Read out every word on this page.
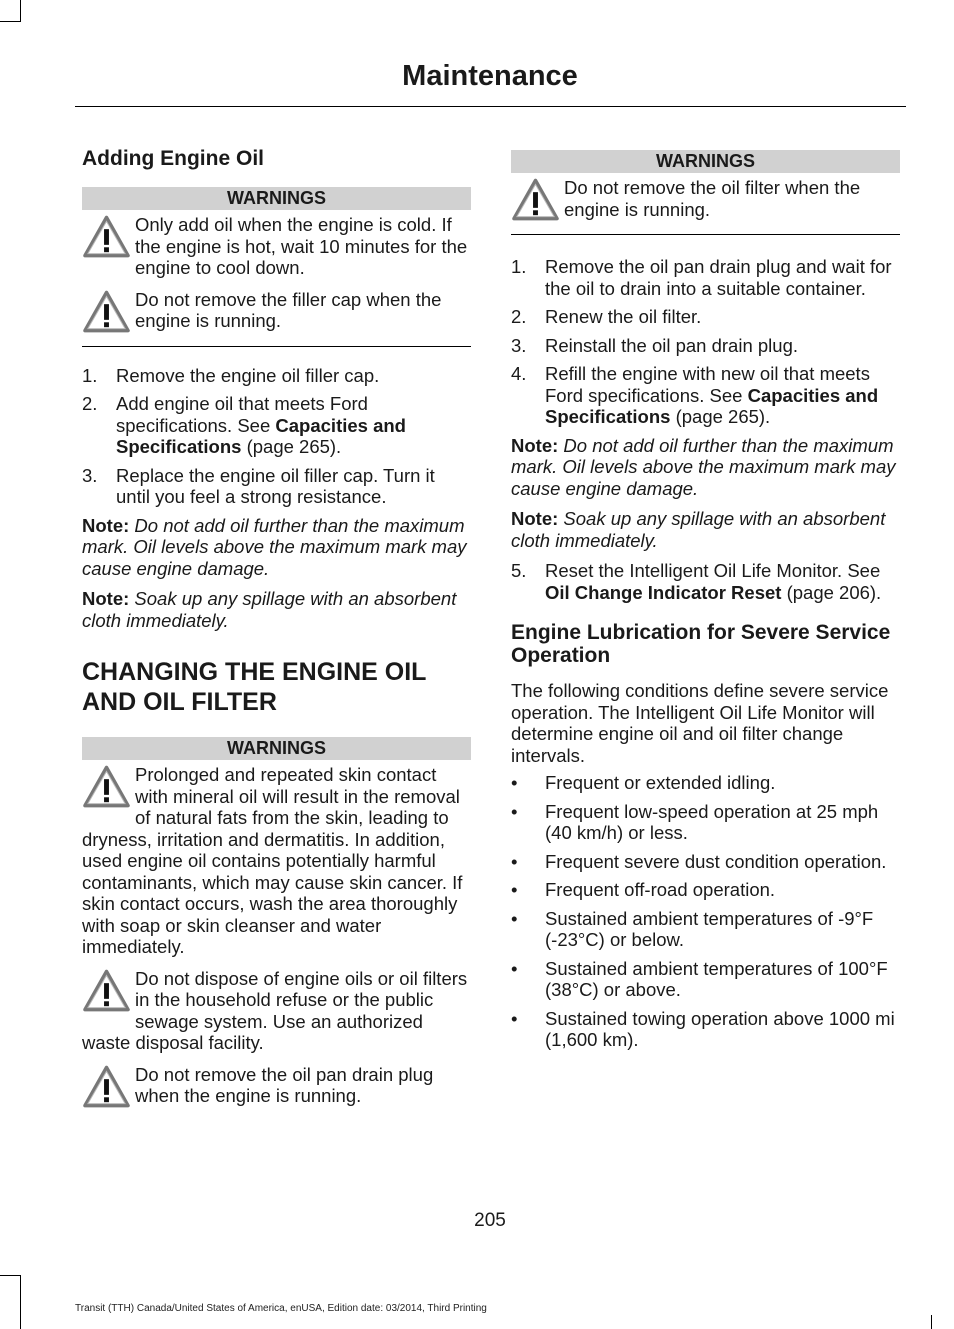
Maintenance
Adding Engine Oil
WARNINGS
Only add oil when the engine is cold. If the engine is hot, wait 10 minutes for the engine to cool down.
Do not remove the filler cap when the engine is running.
1. Remove the engine oil filler cap.
2. Add engine oil that meets Ford specifications. See Capacities and Specifications (page 265).
3. Replace the engine oil filler cap. Turn it until you feel a strong resistance.

Note: Do not add oil further than the maximum mark. Oil levels above the maximum mark may cause engine damage.

Note: Soak up any spillage with an absorbent cloth immediately.

CHANGING THE ENGINE OIL
AND OIL FILTER
WARNINGS
Prolonged and repeated skin contact with mineral oil will result in the removal of natural fats from the skin, leading to dryness, irritation and dermatitis. In addition, used engine oil contains potentially harmful contaminants, which may cause skin cancer. If skin contact occurs, wash the area thoroughly with soap or skin cleanser and water immediately.
Do not dispose of engine oils or oil filters in the household refuse or the public sewage system. Use an authorized waste disposal facility.
Do not remove the oil pan drain plug when the engine is running.
WARNINGS
Do not remove the oil filter when the engine is running.
1. Remove the oil pan drain plug and wait for the oil to drain into a suitable container.
2. Renew the oil filter.
3. Reinstall the oil pan drain plug.
4. Refill the engine with new oil that meets Ford specifications. See Capacities and Specifications (page 265).

Note: Do not add oil further than the maximum mark. Oil levels above the maximum mark may cause engine damage.

Note: Soak up any spillage with an absorbent cloth immediately.

5. Reset the Intelligent Oil Life Monitor. See Oil Change Indicator Reset (page 206).
Engine Lubrication for Severe Service Operation

The following conditions define severe service operation. The Intelligent Oil Life Monitor will determine engine oil and oil filter change intervals.

• Frequent or extended idling.
• Frequent low-speed operation at 25 mph (40 km/h) or less.
• Frequent severe dust condition operation.
• Frequent off-road operation.
• Sustained ambient temperatures of -9°F (-23°C) or below.
• Sustained ambient temperatures of 100°F (38°C) or above.
• Sustained towing operation above 1000 mi (1,600 km).
205
Transit (TTH) Canada/United States of America, enUSA, Edition date: 03/2014, Third Printing
